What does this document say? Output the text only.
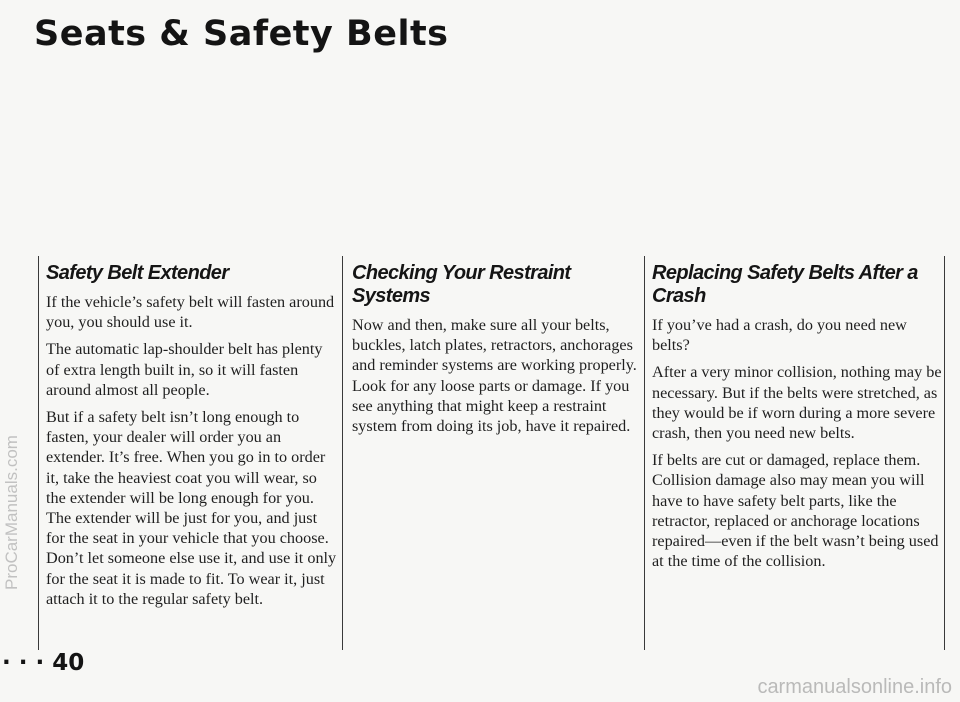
Seats & Safety Belts
ProCarManuals.com
Safety Belt Extender

If the vehicle’s safety belt will fasten around you, you should use it.

The automatic lap-shoulder belt has plenty of extra length built in, so it will fasten around almost all people.

But if a safety belt isn’t long enough to fasten, your dealer will order you an extender. It’s free. When you go in to order it, take the heaviest coat you will wear, so the extender will be long enough for you. The extender will be just for you, and just for the seat in your vehicle that you choose. Don’t let someone else use it, and use it only for the seat it is made to fit. To wear it, just attach it to the regular safety belt.

Checking Your Restraint Systems

Now and then, make sure all your belts, buckles, latch plates, retractors, anchorages and reminder systems are working properly. Look for any loose parts or damage. If you see anything that might keep a restraint system from doing its job, have it repaired.

Replacing Safety Belts After a Crash

If you’ve had a crash, do you need new belts?

After a very minor collision, nothing may be necessary. But if the belts were stretched, as they would be if worn during a more severe crash, then you need new belts.

If belts are cut or damaged, replace them. Collision damage also may mean you will have to have safety belt parts, like the retractor, replaced or anchorage locations repaired—even if the belt wasn’t being used at the time of the collision.

· · · 40
carmanualsonline.info
